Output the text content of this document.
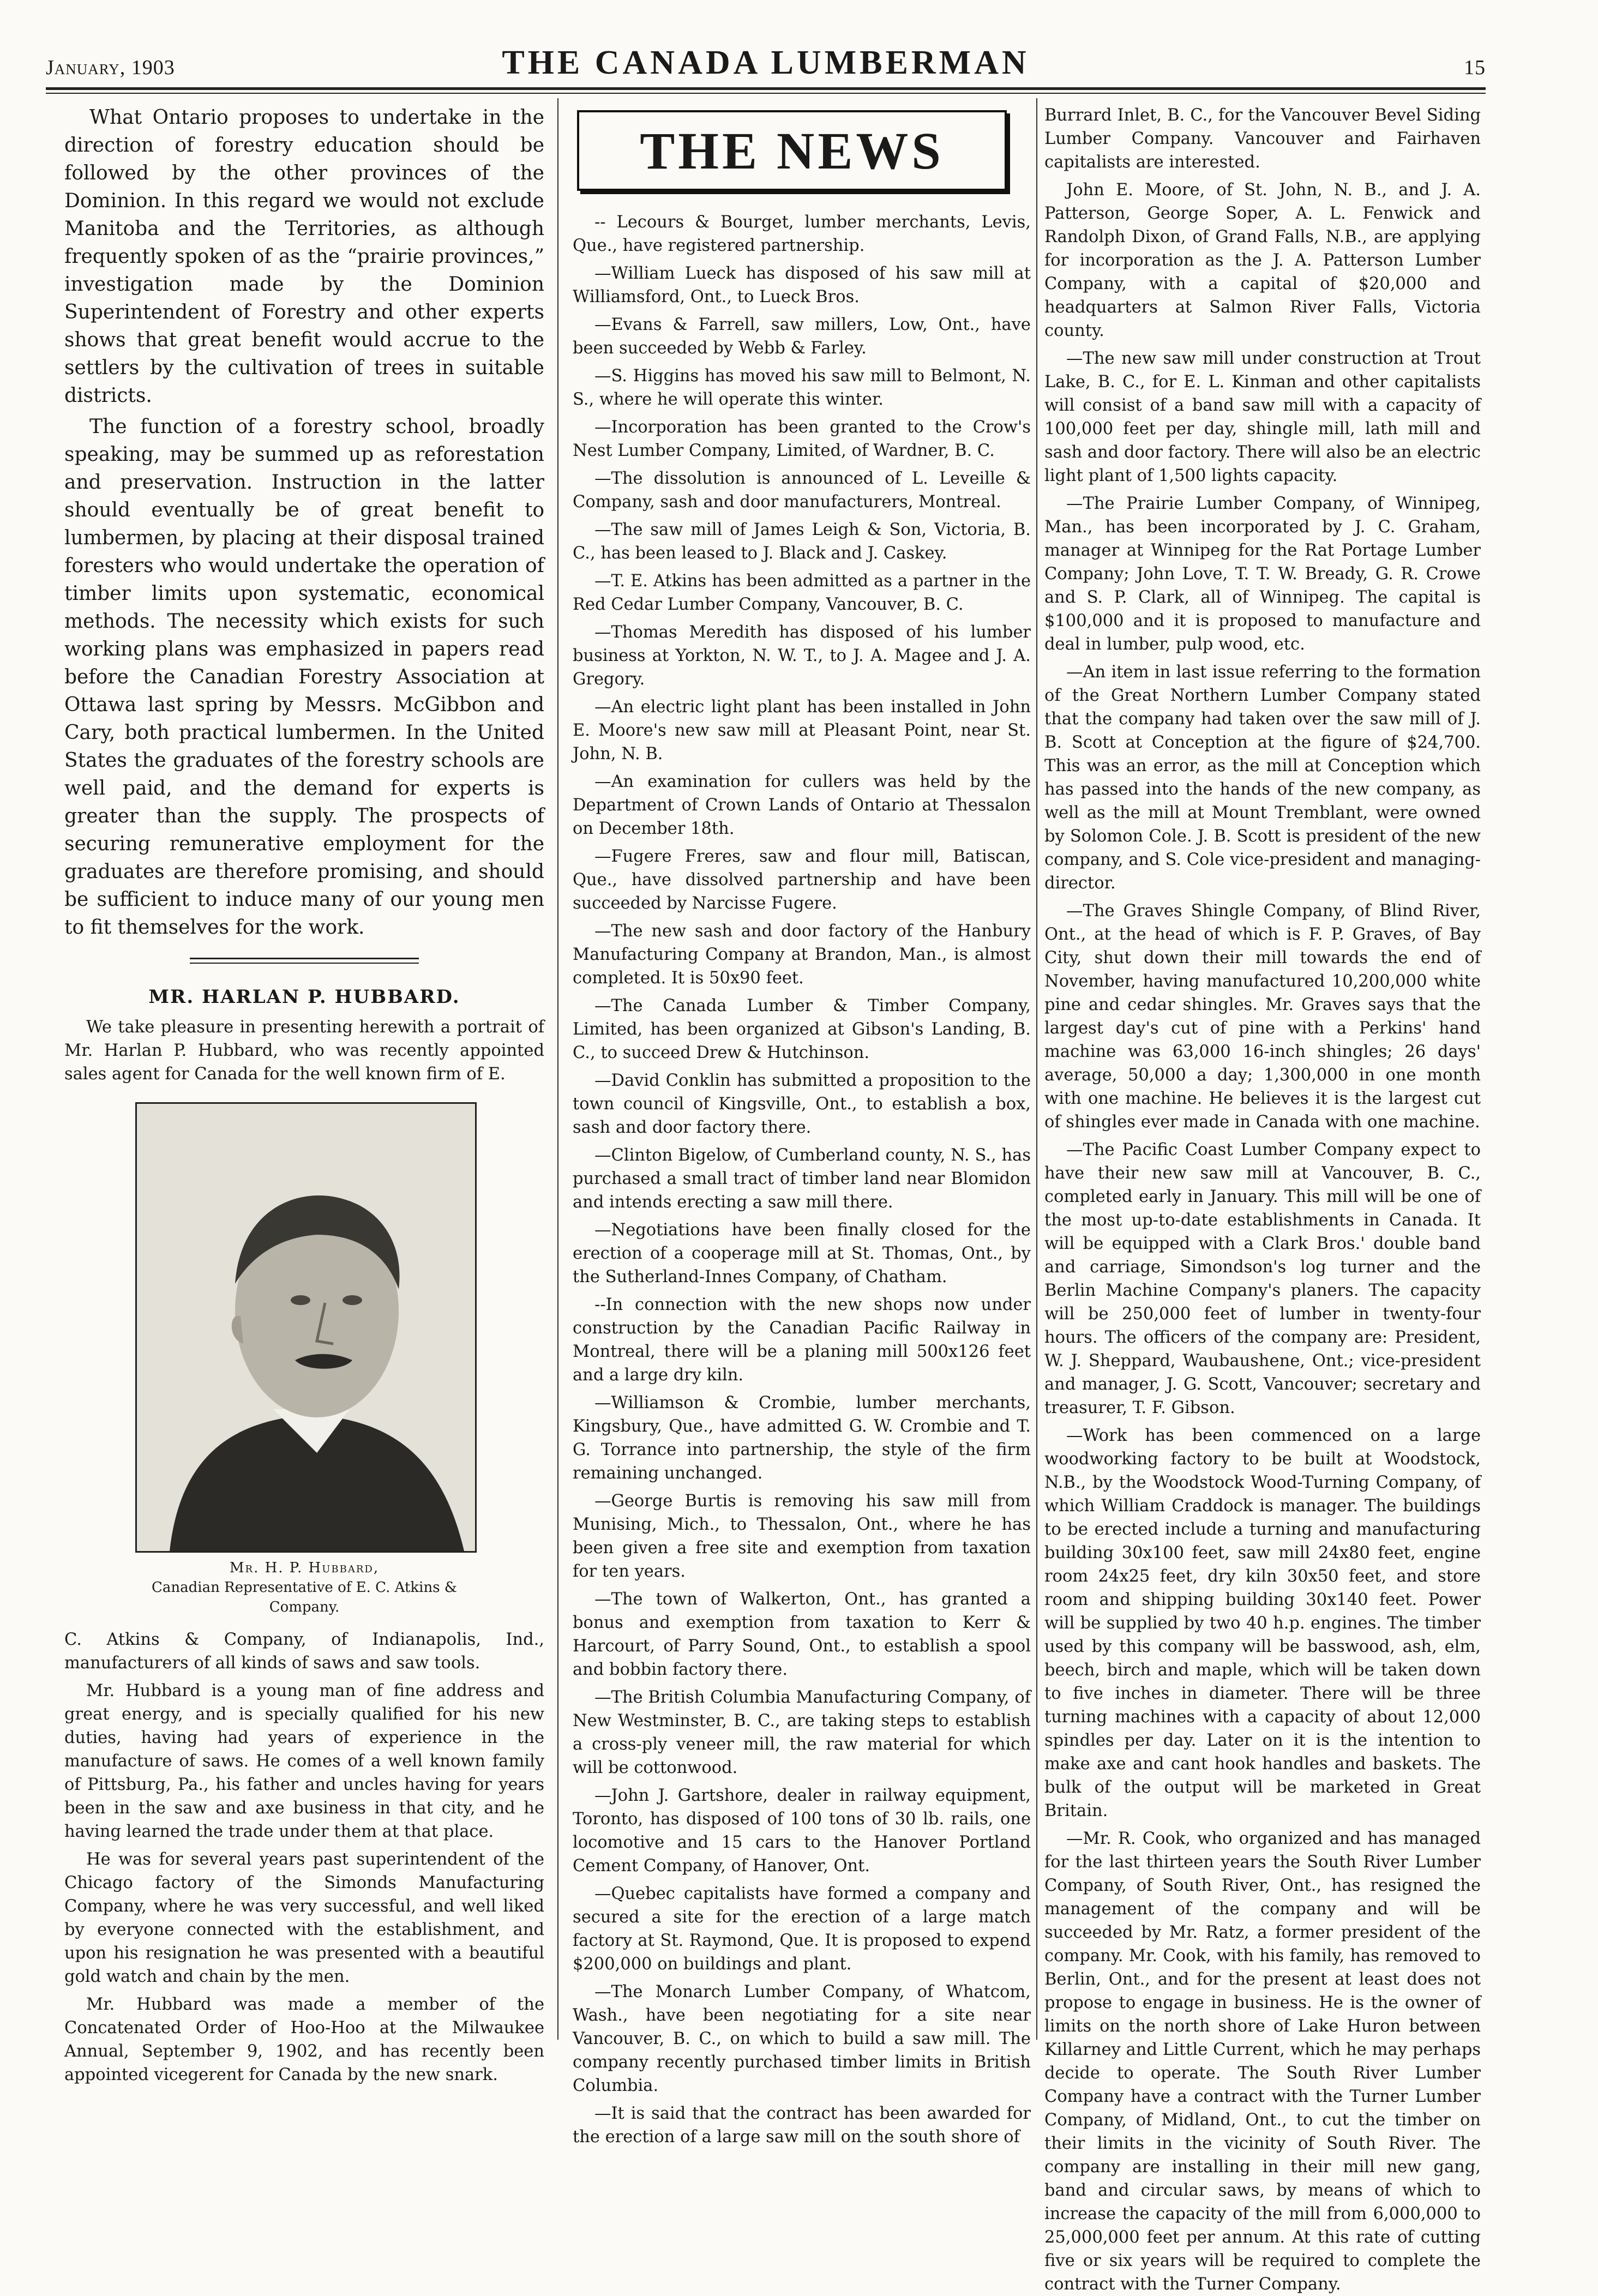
January, 1903	THE CANADA LUMBERMAN	15

What Ontario proposes to undertake in the direction of forestry education should be followed by the other provinces of the Dominion. In this regard we would not exclude Manitoba and the Territories, as although frequently spoken of as the “prairie provinces,” investigation made by the Dominion Superintendent of Forestry and other experts shows that great benefit would accrue to the settlers by the cultivation of trees in suitable districts.

The function of a forestry school, broadly speaking, may be summed up as reforestation and preservation. Instruction in the latter should eventually be of great benefit to lumbermen, by placing at their disposal trained foresters who would undertake the operation of timber limits upon systematic, economical methods. The necessity which exists for such working plans was emphasized in papers read before the Canadian Forestry Association at Ottawa last spring by Messrs. McGibbon and Cary, both practical lumbermen. In the United States the graduates of the forestry schools are well paid, and the demand for experts is greater than the supply. The prospects of securing remunerative employment for the graduates are therefore promising, and should be sufficient to induce many of our young men to fit themselves for the work.

MR. HARLAN P. HUBBARD.

We take pleasure in presenting herewith a portrait of Mr. Harlan P. Hubbard, who was recently appointed sales agent for Canada for the well known firm of E.

Mr. H. P. Hubbard,
Canadian Representative of E. C. Atkins & Company.

C. Atkins & Company, of Indianapolis, Ind., manufacturers of all kinds of saws and saw tools.

Mr. Hubbard is a young man of fine address and great energy, and is specially qualified for his new duties, having had years of experience in the manufacture of saws. He comes of a well known family of Pittsburg, Pa., his father and uncles having for years been in the saw and axe business in that city, and he having learned the trade under them at that place.

He was for several years past superintendent of the Chicago factory of the Simonds Manufacturing Company, where he was very successful, and well liked by everyone connected with the establishment, and upon his resignation he was presented with a beautiful gold watch and chain by the men.

Mr. Hubbard was made a member of the Concatenated Order of Hoo-Hoo at the Milwaukee Annual, September 9, 1902, and has recently been appointed vicegerent for Canada by the new snark.

THE NEWS

-- Lecours & Bourget, lumber merchants, Levis, Que., have registered partnership.

—William Lueck has disposed of his saw mill at Williamsford, Ont., to Lueck Bros.

—Evans & Farrell, saw millers, Low, Ont., have been succeeded by Webb & Farley.

—S. Higgins has moved his saw mill to Belmont, N. S., where he will operate this winter.

—Incorporation has been granted to the Crow's Nest Lumber Company, Limited, of Wardner, B. C.

—The dissolution is announced of L. Leveille & Company, sash and door manufacturers, Montreal.

—The saw mill of James Leigh & Son, Victoria, B. C., has been leased to J. Black and J. Caskey.

—T. E. Atkins has been admitted as a partner in the Red Cedar Lumber Company, Vancouver, B. C.

—Thomas Meredith has disposed of his lumber business at Yorkton, N. W. T., to J. A. Magee and J. A. Gregory.

—An electric light plant has been installed in John E. Moore's new saw mill at Pleasant Point, near St. John, N. B.

—An examination for cullers was held by the Department of Crown Lands of Ontario at Thessalon on December 18th.

—Fugere Freres, saw and flour mill, Batiscan, Que., have dissolved partnership and have been succeeded by Narcisse Fugere.

—The new sash and door factory of the Hanbury Manufacturing Company at Brandon, Man., is almost completed. It is 50x90 feet.

—The Canada Lumber & Timber Company, Limited, has been organized at Gibson's Landing, B. C., to succeed Drew & Hutchinson.

—David Conklin has submitted a proposition to the town council of Kingsville, Ont., to establish a box, sash and door factory there.

—Clinton Bigelow, of Cumberland county, N. S., has purchased a small tract of timber land near Blomidon and intends erecting a saw mill there.

—Negotiations have been finally closed for the erection of a cooperage mill at St. Thomas, Ont., by the Sutherland-Innes Company, of Chatham.

--In connection with the new shops now under construction by the Canadian Pacific Railway in Montreal, there will be a planing mill 500x126 feet and a large dry kiln.

—Williamson & Crombie, lumber merchants, Kingsbury, Que., have admitted G. W. Crombie and T. G. Torrance into partnership, the style of the firm remaining unchanged.

—George Burtis is removing his saw mill from Munising, Mich., to Thessalon, Ont., where he has been given a free site and exemption from taxation for ten years.

—The town of Walkerton, Ont., has granted a bonus and exemption from taxation to Kerr & Harcourt, of Parry Sound, Ont., to establish a spool and bobbin factory there.

—The British Columbia Manufacturing Company, of New Westminster, B. C., are taking steps to establish a cross-ply veneer mill, the raw material for which will be cottonwood.

—John J. Gartshore, dealer in railway equipment, Toronto, has disposed of 100 tons of 30 lb. rails, one locomotive and 15 cars to the Hanover Portland Cement Company, of Hanover, Ont.

—Quebec capitalists have formed a company and secured a site for the erection of a large match factory at St. Raymond, Que. It is proposed to expend $200,000 on buildings and plant.

—The Monarch Lumber Company, of Whatcom, Wash., have been negotiating for a site near Vancouver, B. C., on which to build a saw mill. The company recently purchased timber limits in British Columbia.

—It is said that the contract has been awarded for the erection of a large saw mill on the south shore of

Burrard Inlet, B. C., for the Vancouver Bevel Siding Lumber Company. Vancouver and Fairhaven capitalists are interested.

John E. Moore, of St. John, N. B., and J. A. Patterson, George Soper, A. L. Fenwick and Randolph Dixon, of Grand Falls, N.B., are applying for incorporation as the J. A. Patterson Lumber Company, with a capital of $20,000 and headquarters at Salmon River Falls, Victoria county.

—The new saw mill under construction at Trout Lake, B. C., for E. L. Kinman and other capitalists will consist of a band saw mill with a capacity of 100,000 feet per day, shingle mill, lath mill and sash and door factory. There will also be an electric light plant of 1,500 lights capacity.

—The Prairie Lumber Company, of Winnipeg, Man., has been incorporated by J. C. Graham, manager at Winnipeg for the Rat Portage Lumber Company; John Love, T. T. W. Bready, G. R. Crowe and S. P. Clark, all of Winnipeg. The capital is $100,000 and it is proposed to manufacture and deal in lumber, pulp wood, etc.

—An item in last issue referring to the formation of the Great Northern Lumber Company stated that the company had taken over the saw mill of J. B. Scott at Conception at the figure of $24,700. This was an error, as the mill at Conception which has passed into the hands of the new company, as well as the mill at Mount Tremblant, were owned by Solomon Cole. J. B. Scott is president of the new company, and S. Cole vice-president and managing-director.

—The Graves Shingle Company, of Blind River, Ont., at the head of which is F. P. Graves, of Bay City, shut down their mill towards the end of November, having manufactured 10,200,000 white pine and cedar shingles. Mr. Graves says that the largest day's cut of pine with a Perkins' hand machine was 63,000 16-inch shingles; 26 days' average, 50,000 a day; 1,300,000 in one month with one machine. He believes it is the largest cut of shingles ever made in Canada with one machine.

—The Pacific Coast Lumber Company expect to have their new saw mill at Vancouver, B. C., completed early in January. This mill will be one of the most up-to-date establishments in Canada. It will be equipped with a Clark Bros.' double band and carriage, Simondson's log turner and the Berlin Machine Company's planers. The capacity will be 250,000 feet of lumber in twenty-four hours. The officers of the company are: President, W. J. Sheppard, Waubaushene, Ont.; vice-president and manager, J. G. Scott, Vancouver; secretary and treasurer, T. F. Gibson.

—Work has been commenced on a large woodworking factory to be built at Woodstock, N.B., by the Woodstock Wood-Turning Company, of which William Craddock is manager. The buildings to be erected include a turning and manufacturing building 30x100 feet, saw mill 24x80 feet, engine room 24x25 feet, dry kiln 30x50 feet, and store room and shipping building 30x140 feet. Power will be supplied by two 40 h.p. engines. The timber used by this company will be basswood, ash, elm, beech, birch and maple, which will be taken down to five inches in diameter. There will be three turning machines with a capacity of about 12,000 spindles per day. Later on it is the intention to make axe and cant hook handles and baskets. The bulk of the output will be marketed in Great Britain.

—Mr. R. Cook, who organized and has managed for the last thirteen years the South River Lumber Company, of South River, Ont., has resigned the management of the company and will be succeeded by Mr. Ratz, a former president of the company. Mr. Cook, with his family, has removed to Berlin, Ont., and for the present at least does not propose to engage in business. He is the owner of limits on the north shore of Lake Huron between Killarney and Little Current, which he may perhaps decide to operate. The South River Lumber Company have a contract with the Turner Lumber Company, of Midland, Ont., to cut the timber on their limits in the vicinity of South River. The company are installing in their mill new gang, band and circular saws, by means of which to increase the capacity of the mill from 6,000,000 to 25,000,000 feet per annum. At this rate of cutting five or six years will be required to complete the contract with the Turner Company.
